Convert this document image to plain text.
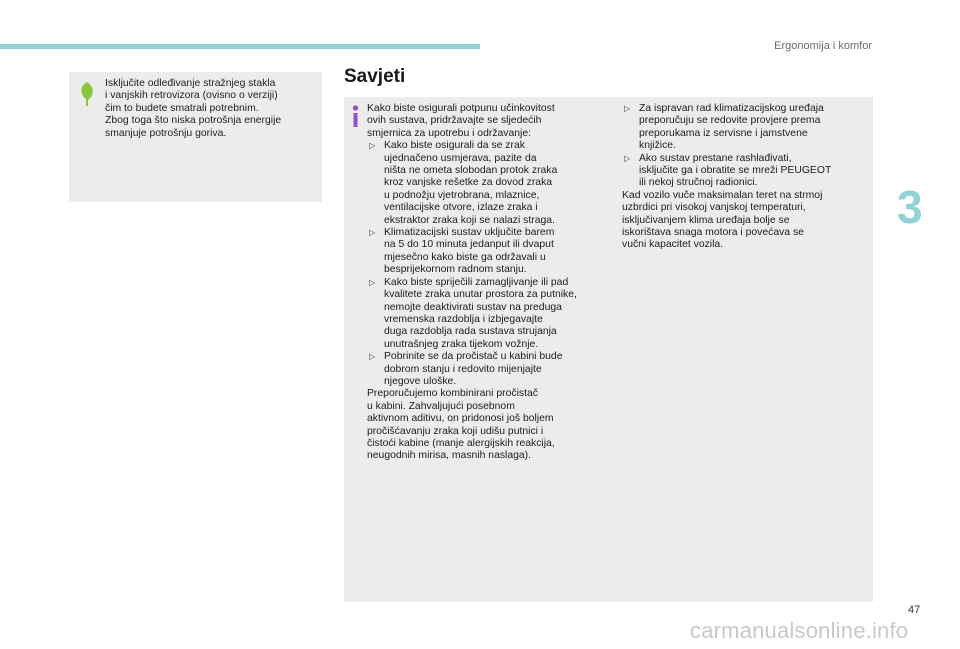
Ergonomija i komfor

Isključite odleđivanje stražnjeg stakla

i vanjskih retrovizora (ovisno o verziji)

čim to budete smatrali potrebnim.

Zbog toga što niska potrošnja energije

smanjuje potrošnju goriva.

Savjeti

Kako biste osigurali potpunu učinkovitost

ovih sustava, pridržavajte se sljedećih

smjernica za upotrebu i održavanje:

▷ Kako biste osigurali da se zrak

ujednačeno usmjerava, pazite da

ništa ne ometa slobodan protok zraka

kroz vanjske rešetke za dovod zraka

u podnožju vjetrobrana, mlaznice,

ventilacijske otvore, izlaze zraka i

ekstraktor zraka koji se nalazi straga.

▷ Klimatizacijski sustav uključite barem

na 5 do 10 minuta jedanput ili dvaput

mjesečno kako biste ga održavali u

besprijekornom radnom stanju.

▷ Kako biste spriječili zamagljivanje ili pad

kvalitete zraka unutar prostora za putnike,

nemojte deaktivirati sustav na preduga

vremenska razdoblja i izbjegavajte

duga razdoblja rada sustava strujanja

unutrašnjeg zraka tijekom vožnje.

▷ Pobrinite se da pročistač u kabini bude

dobrom stanju i redovito mijenjajte

njegove uloške.

Preporučujemo kombinirani pročistač

u kabini. Zahvaljujući posebnom

aktivnom aditivu, on pridonosi još boljem

pročišćavanju zraka koji udišu putnici i

čistoći kabine (manje alergijskih reakcija,

neugodnih mirisa, masnih naslaga).

▷ Za ispravan rad klimatizacijskog uređaja

preporučuju se redovite provjere prema

preporukama iz servisne i jamstvene

knjižice.

▷ Ako sustav prestane rashlađivati,

isključite ga i obratite se mreži PEUGEOT

ili nekoj stručnoj radionici.

Kad vozilo vuče maksimalan teret na strmoj

uzbrdici pri visokoj vanjskoj temperaturi,

isključivanjem klima uređaja bolje se

iskorištava snaga motora i povećava se

vučni kapacitet vozila.

3
47
carmanualsonline.info
